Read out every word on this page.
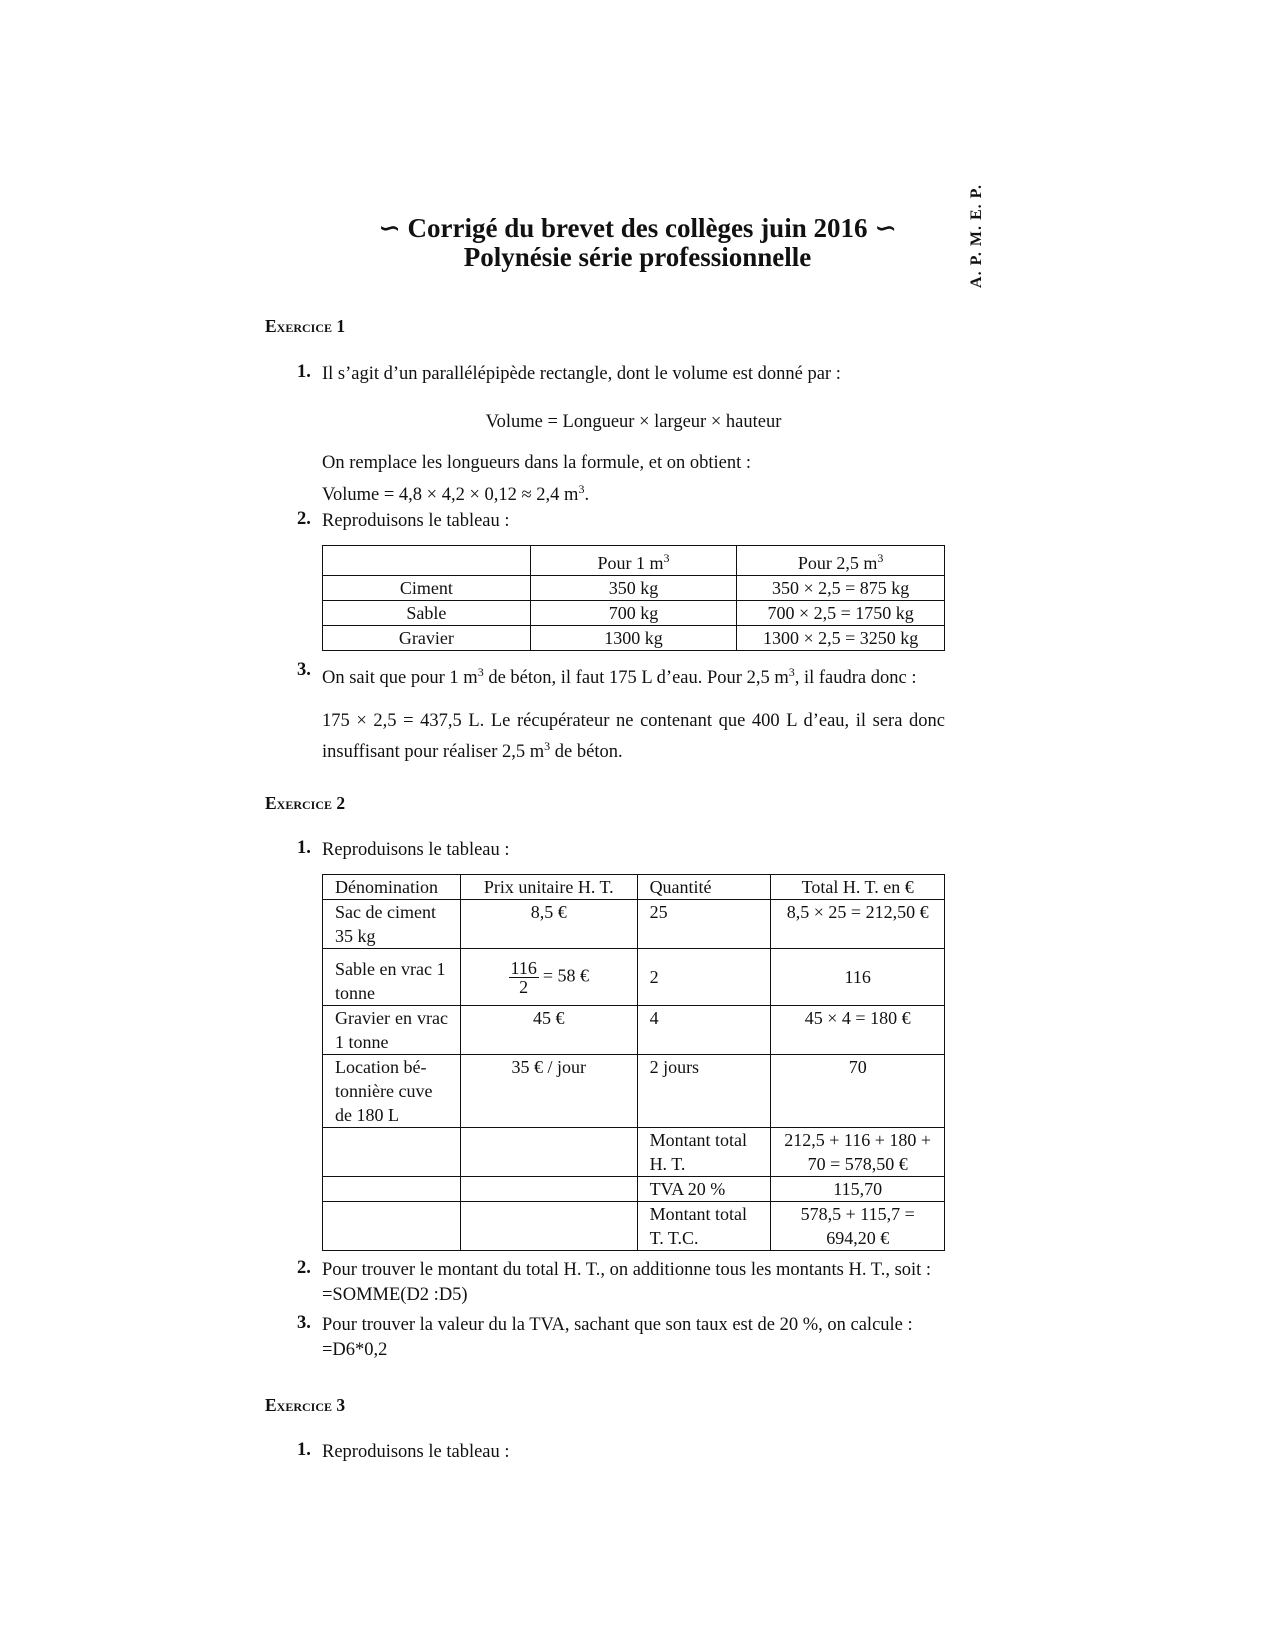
∽ Corrigé du brevet des collèges juin 2016 ∽
Polynésie série professionnelle	A. P. M. E. P.
Exercice 1
1. Il s’agit d’un parallélépipède rectangle, dont le volume est donné par :
Volume = Longueur × largeur × hauteur
On remplace les longueurs dans la formule, et on obtient :
Volume = 4,8 × 4,2 × 0,12 ≈ 2,4 $m^3$.
2. Reproduisons le tableau :
	Pour 1 $m^3$	Pour 2,5 $m^3$
Ciment	350 kg	350 × 2,5 = 875 kg
Sable	700 kg	700 × 2,5 = 1750 kg
Gravier	1300 kg	1300 × 2,5 = 3250 kg
3. On sait que pour 1 $m^3$ de béton, il faut 175 L d’eau. Pour 2,5 $m^3$, il faudra donc :
175 × 2,5 = 437,5 L. Le récupérateur ne contenant que 400 L d’eau, il sera donc insuffisant pour réaliser 2,5 $m^3$ de béton.
Exercice 2
1. Reproduisons le tableau :
Dénomination	Prix unitaire H. T.	Quantité	Total H. T. en €
Sac de ciment 35 kg	8,5 €	25	8,5 × 25 = 212,50 €
Sable en vrac 1 tonne	$\frac{116}{2} = 58$ €	2	116
Gravier en vrac 1 tonne	45 €	4	45 × 4 = 180 €
Location bé-tonnière cuve de 180 L	35 € / jour	2 jours	70
		Montant total H. T.	212,5 + 116 + 180 + 70 = 578,50 €
		TVA 20 %	115,70
		Montant total T. T.C.	578,5 + 115,7 = 694,20 €
2. Pour trouver le montant du total H. T., on additionne tous les montants H. T., soit : =SOMME(D2 :D5)
3. Pour trouver la valeur du la TVA, sachant que son taux est de 20 %, on calcule : =D6*0,2
Exercice 3
1. Reproduisons le tableau :
